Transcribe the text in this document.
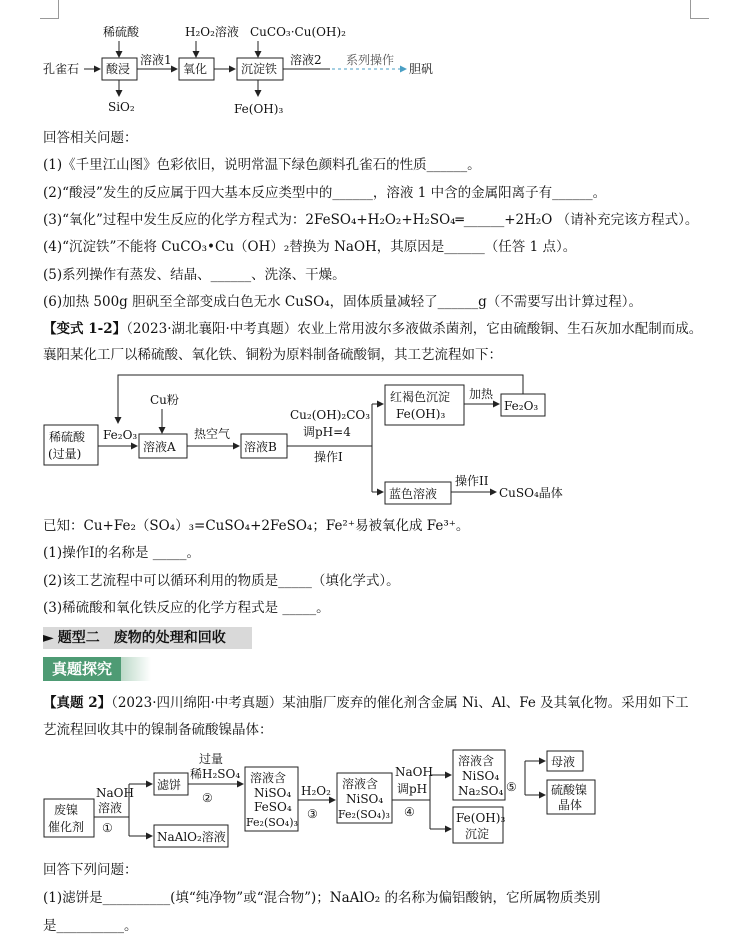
孔雀石
稀硫酸
酸浸
SiO₂
溶液1
H₂O₂溶液
氧化
CuCO₃·Cu(OH)₂
沉淀铁
Fe(OH)₃
溶液2 系列操作
胆矾
回答相关问题：
(1)《千里江山图》色彩依旧，说明常温下绿色颜料孔雀石的性质______。
(2)“酸浸”发生的反应属于四大基本反应类型中的______，溶液 1 中含的金属阳离子有______。
(3)“氧化”过程中发生反应的化学方程式为：2FeSO₄+H₂O₂+H₂SO₄═______+2H₂O （请补充完该方程式）。
(4)“沉淀铁”不能将 CuCO₃•Cu（OH）₂替换为 NaOH，其原因是______（任答 1 点）。
(5)系列操作有蒸发、结晶、______、洗涤、干燥。
(6)加热 500g 胆矾至全部变成白色无水 CuSO₄，固体质量减轻了______g（不需要写出计算过程）。
【变式 1-2】（2023·湖北襄阳·中考真题）农业上常用波尔多液做杀菌剂，它由硫酸铜、生石灰加水配制而成。
襄阳某化工厂以稀硫酸、氧化铁、铜粉为原料制备硫酸铜，其工艺流程如下：
稀硫酸
(过量)
Fe₂O₃
Cu粉
溶液A
热空气
溶液B
Cu₂(OH)₂CO₃
调pH=4
操作I
红褐色沉淀
Fe(OH)₃
加热
Fe₂O₃
蓝色溶液
操作II
CuSO₄晶体
已知：Cu+Fe₂（SO₄）₃=CuSO₄+2FeSO₄；Fe²⁺易被氧化成 Fe³⁺。
(1)操作I的名称是 _____。
(2)该工艺流程中可以循环利用的物质是_____（填化学式）。
(3)稀硫酸和氧化铁反应的化学方程式是 _____。
► 题型二　废物的处理和回收
真题探究
【真题 2】（2023·四川绵阳·中考真题）某油脂厂废弃的催化剂含金属 Ni、Al、Fe 及其氧化物。采用如下工
艺流程回收其中的镍制备硫酸镍晶体：
废镍
催化剂
NaOH
溶液
①
滤饼
NaAlO₂溶液
过量
稀H₂SO₄
②
溶液含
NiSO₄
FeSO₄
Fe₂(SO₄)₃
H₂O₂
③
溶液含
NiSO₄
Fe₂(SO₄)₃
NaOH
调pH
④
溶液含
NiSO₄
Na₂SO₄
Fe(OH)₃
沉淀
⑤
母液
硫酸镍
晶体
回答下列问题：
(1)滤饼是__________(填“纯净物”或“混合物”)；NaAlO₂ 的名称为偏铝酸钠，它所属物质类别
是__________。
